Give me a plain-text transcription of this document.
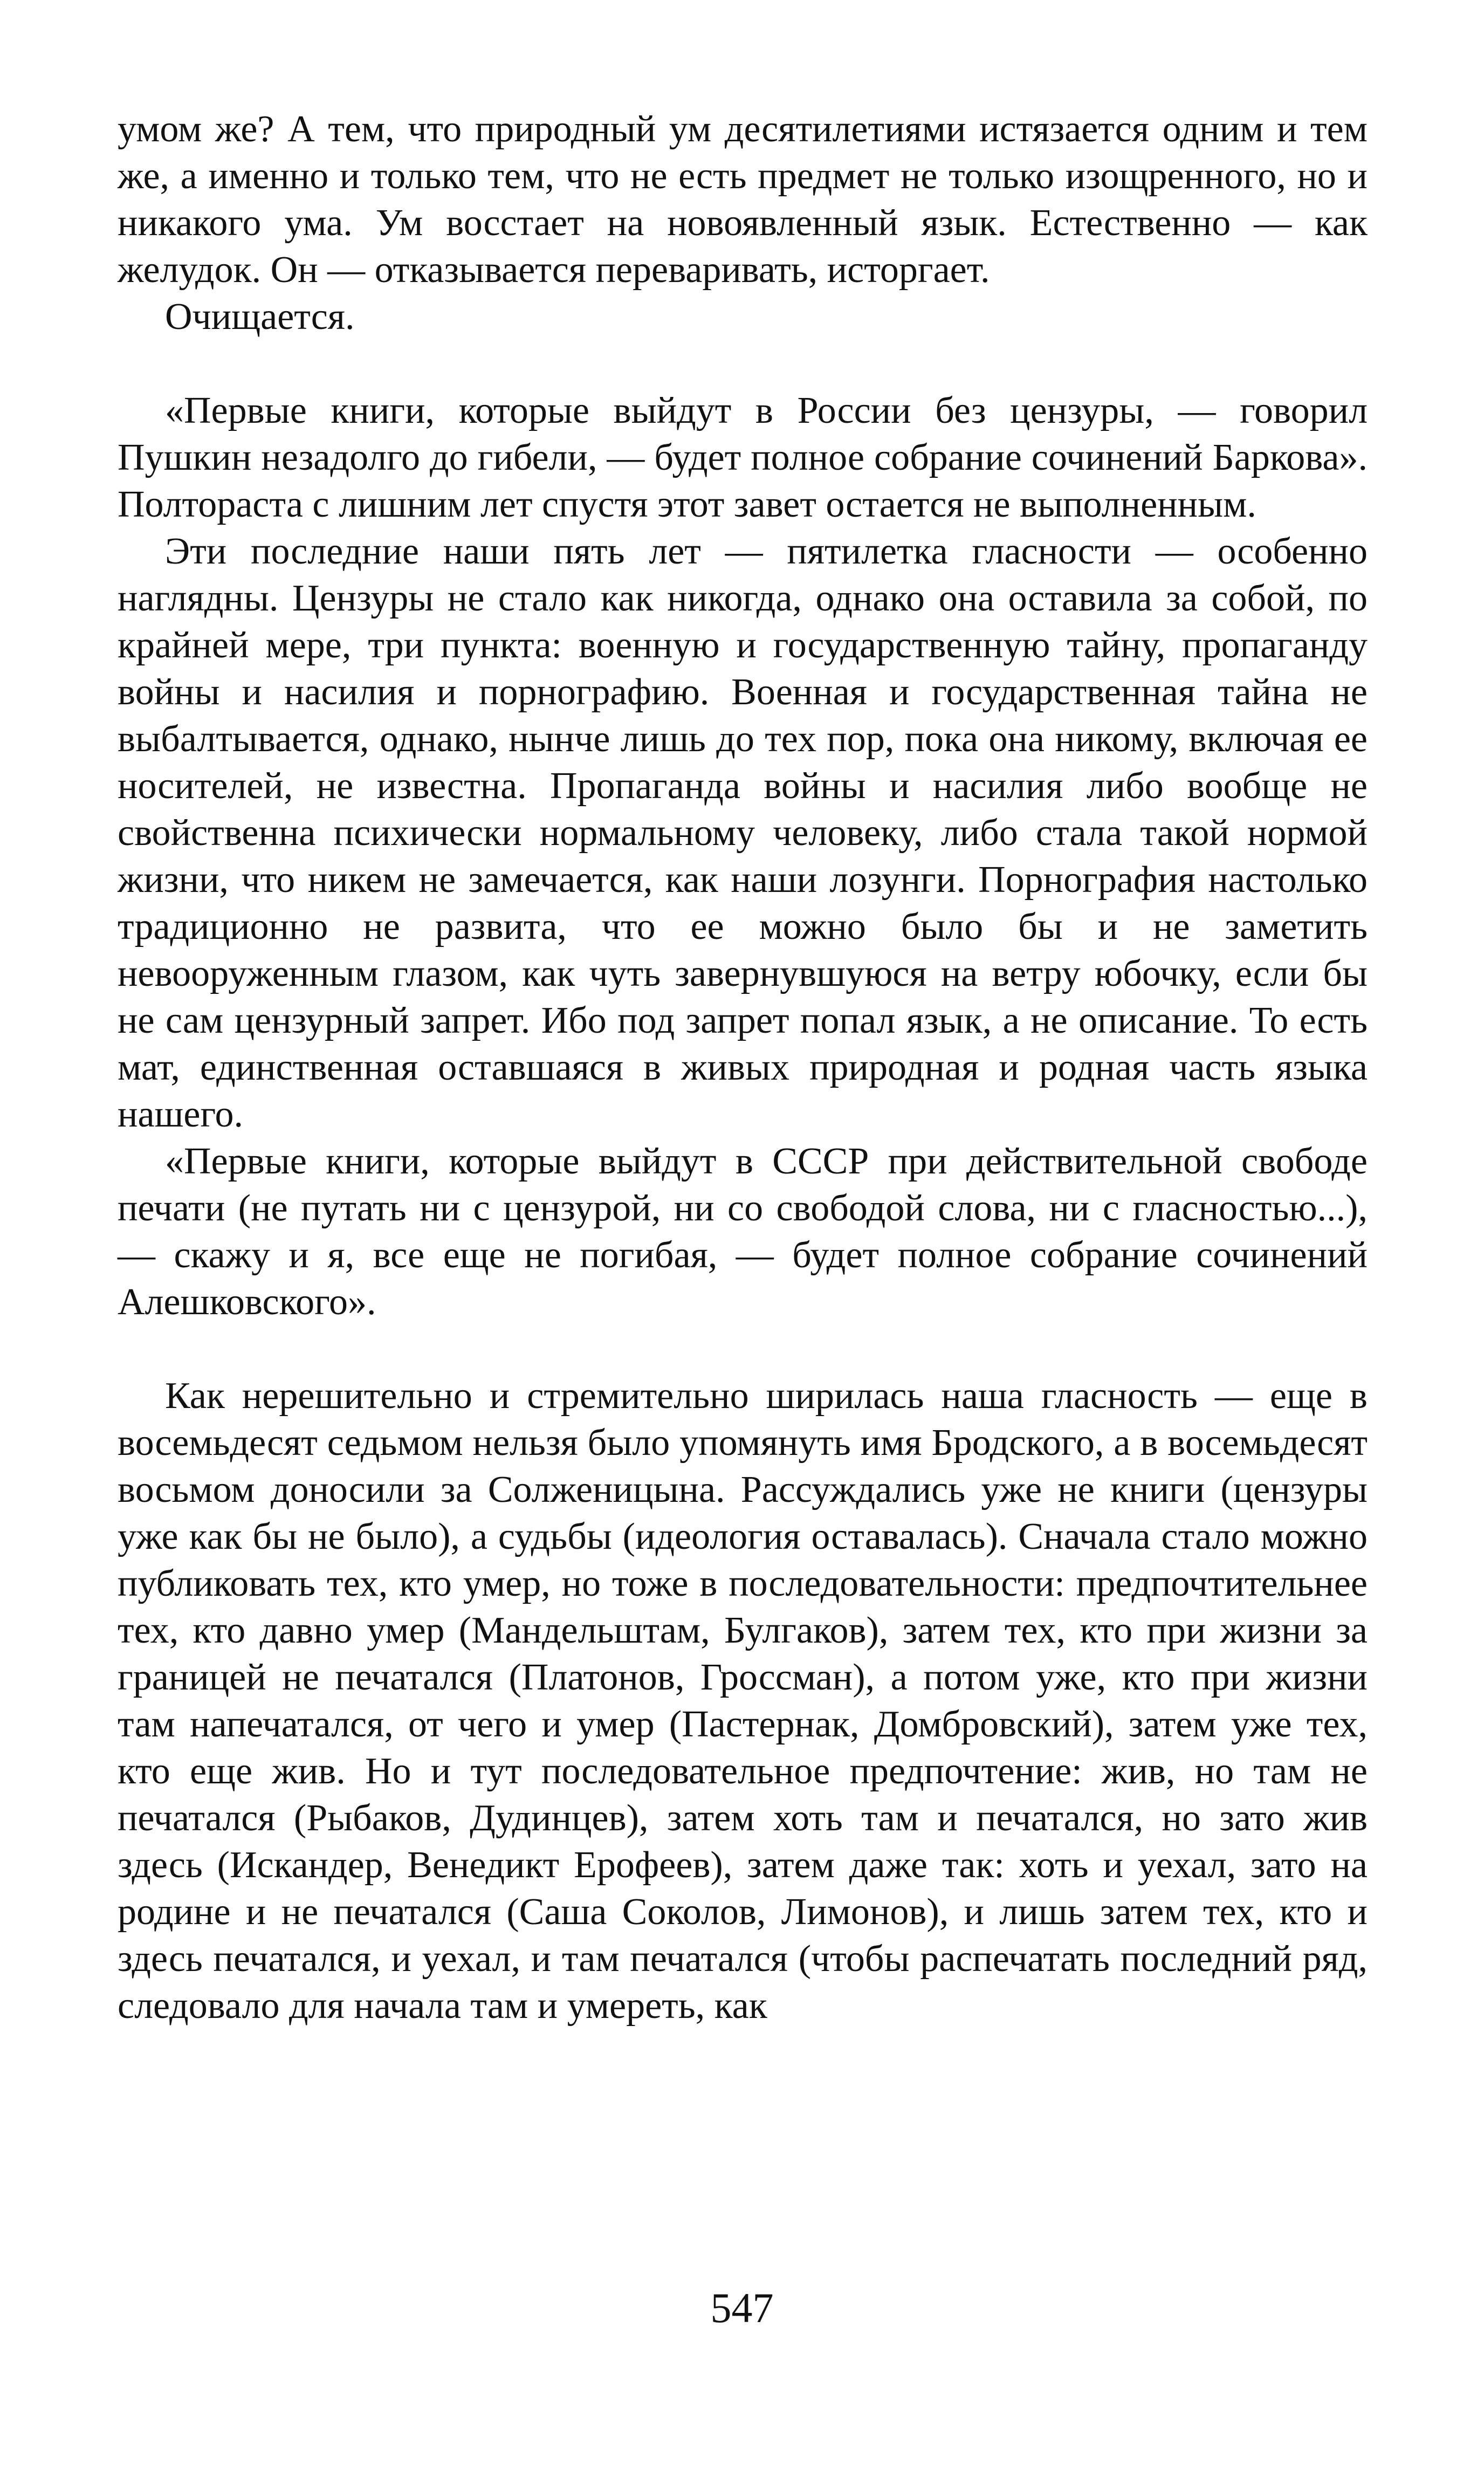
умом же? А тем, что природный ум десятилетиями истязается одним и тем же, а именно и только тем, что не есть предмет не только изощренного, но и никакого ума. Ум восстает на новоявленный язык. Естественно — как желудок. Он — отказывается переваривать, исторгает.

Очищается.

«Первые книги, которые выйдут в России без цензуры, — говорил Пушкин незадолго до гибели, — будет полное собрание сочинений Баркова». Полтораста с лишним лет спустя этот завет остается не выполненным.

Эти последние наши пять лет — пятилетка гласности — особенно наглядны. Цензуры не стало как никогда, однако она оставила за собой, по крайней мере, три пункта: военную и государственную тайну, пропаганду войны и насилия и порнографию. Военная и государственная тайна не выбалтывается, однако, нынче лишь до тех пор, пока она никому, включая ее носителей, не известна. Пропаганда войны и насилия либо вообще не свойственна психически нормальному человеку, либо стала такой нормой жизни, что никем не замечается, как наши лозунги. Порнография настолько традиционно не развита, что ее можно было бы и не заметить невооруженным глазом, как чуть завернувшуюся на ветру юбочку, если бы не сам цензурный запрет. Ибо под запрет попал язык, а не описание. То есть мат, единственная оставшаяся в живых природная и родная часть языка нашего.

«Первые книги, которые выйдут в СССР при действительной свободе печати (не путать ни с цензурой, ни со свободой слова, ни с гласностью...), — скажу и я, все еще не погибая, — будет полное собрание сочинений Алешковского».

Как нерешительно и стремительно ширилась наша гласность — еще в восемьдесят седьмом нельзя было упомянуть имя Бродского, а в восемьдесят восьмом доносили за Солженицына. Рассуждались уже не книги (цензуры уже как бы не было), а судьбы (идеология оставалась). Сначала стало можно публиковать тех, кто умер, но тоже в последовательности: предпочтительнее тех, кто давно умер (Мандельштам, Булгаков), затем тех, кто при жизни за границей не печатался (Платонов, Гроссман), а потом уже, кто при жизни там напечатался, от чего и умер (Пастернак, Домбровский), затем уже тех, кто еще жив. Но и тут последовательное предпочтение: жив, но там не печатался (Рыбаков, Дудинцев), затем хоть там и печатался, но зато жив здесь (Искандер, Венедикт Ерофеев), затем даже так: хоть и уехал, зато на родине и не печатался (Саша Соколов, Лимонов), и лишь затем тех, кто и здесь печатался, и уехал, и там печатался (чтобы распечатать последний ряд, следовало для начала там и умереть, как

547
